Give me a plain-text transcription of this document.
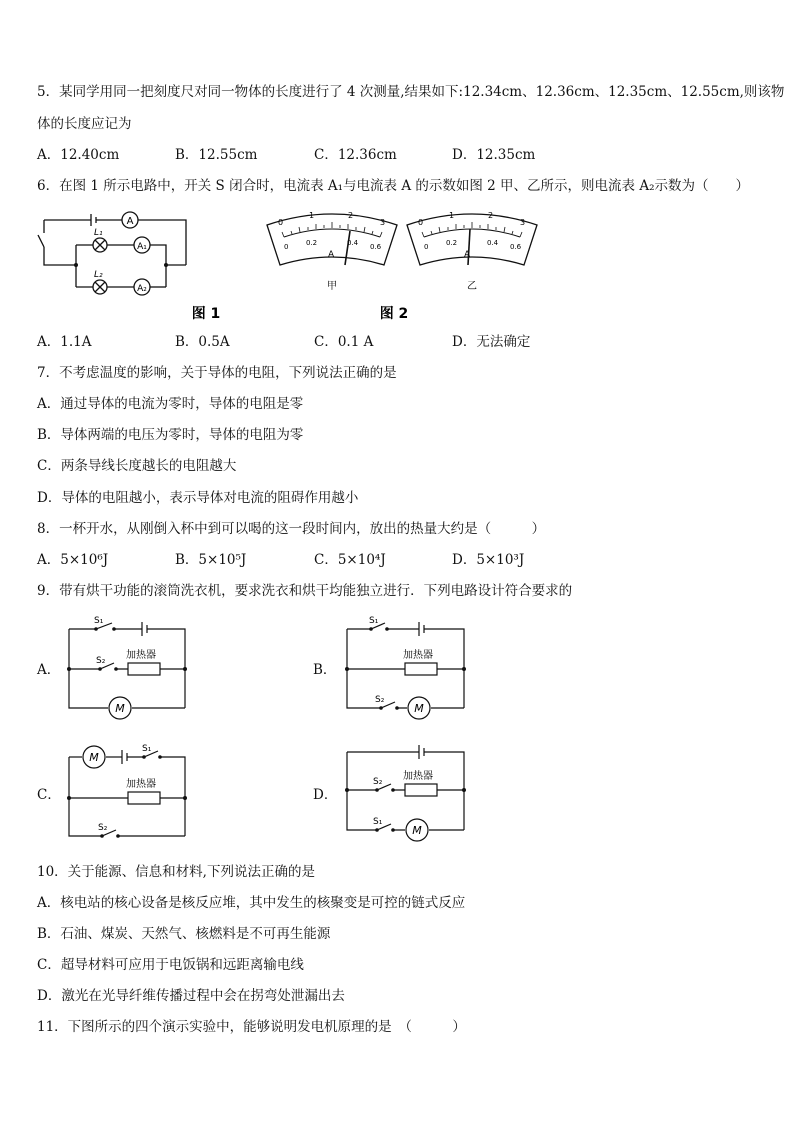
5．某同学用同一把刻度尺对同一物体的长度进行了 4 次测量,结果如下:12.34cm、12.36cm、12.35cm、12.55cm,则该物
体的长度应记为
A．12.40cm	B．12.55cm	C．12.36cm	D．12.35cm
6．在图 1 所示电路中，开关 S 闭合时，电流表 A₁与电流表 A 的示数如图 2 甲、乙所示，则电流表 A₂示数为（　　）
A
A₁
A₂
L₁
L₂
图 1
0
1	2
3
0	0.2	0.4 0.6
A
甲
0
1	2
3
0	0.2	0.4 0.6
A
乙
图 2
A．1.1A	B．0.5A	C．0.1 A	D．无法确定
7．不考虑温度的影响，关于导体的电阻，下列说法正确的是
A．通过导体的电流为零时，导体的电阻是零
B．导体两端的电压为零时，导体的电阻为零
C．两条导线长度越长的电阻越大
D．导体的电阻越小，表示导体对电流的阻碍作用越小
8．一杯开水，从刚倒入杯中到可以喝的这一段时间内，放出的热量大约是（　　　）
A．5×10⁶J	B．5×10⁵J	C．5×10⁴J	D．5×10³J
9．带有烘干功能的滚筒洗衣机，要求洗衣和烘干均能独立进行．下列电路设计符合要求的
A．	B．
C．	D．
S₁
S₂ 加热器
M
S₁
S₂
加热器
M
S₁
S₂
加热器
M
S₂
S₁
加热器
M
10．关于能源、信息和材料,下列说法正确的是
A．核电站的核心设备是核反应堆，其中发生的核聚变是可控的链式反应
B．石油、煤炭、天然气、核燃料是不可再生能源
C．超导材料可应用于电饭锅和远距离输电线
D．激光在光导纤维传播过程中会在拐弯处泄漏出去
11．下图所示的四个演示实验中，能够说明发电机原理的是　（　　　）
